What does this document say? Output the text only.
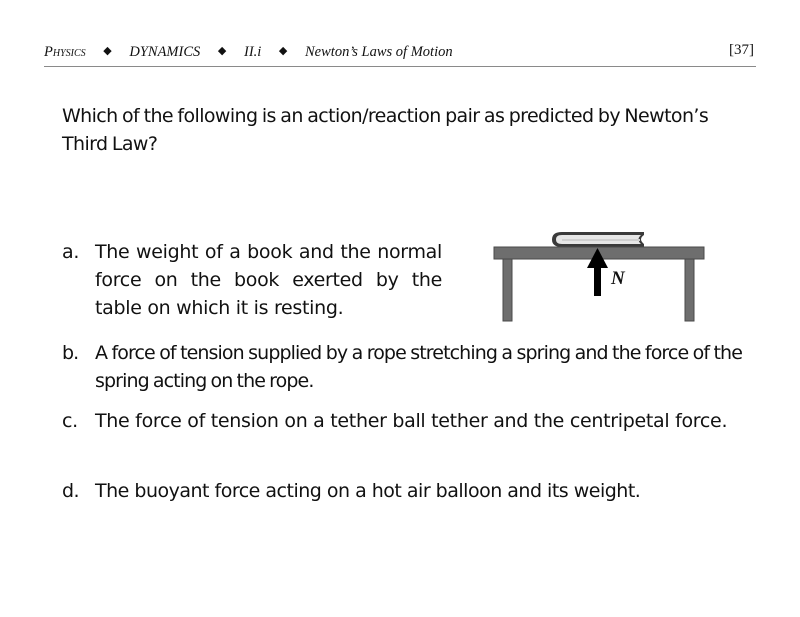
Physics ◆ DYNAMICS ◆ II.i ◆ Newton’s Laws of Motion	[37]
Which of the following is an action/reaction pair as predicted by Newton’s Third Law?
a. The weight of a book and the normal force on the book exerted by the table on which it is resting.
b. A force of tension supplied by a rope stretching a spring and the force of the spring acting on the rope.
c. The force of tension on a tether ball tether and the centripetal force.
d. The buoyant force acting on a hot air balloon and its weight.
N
